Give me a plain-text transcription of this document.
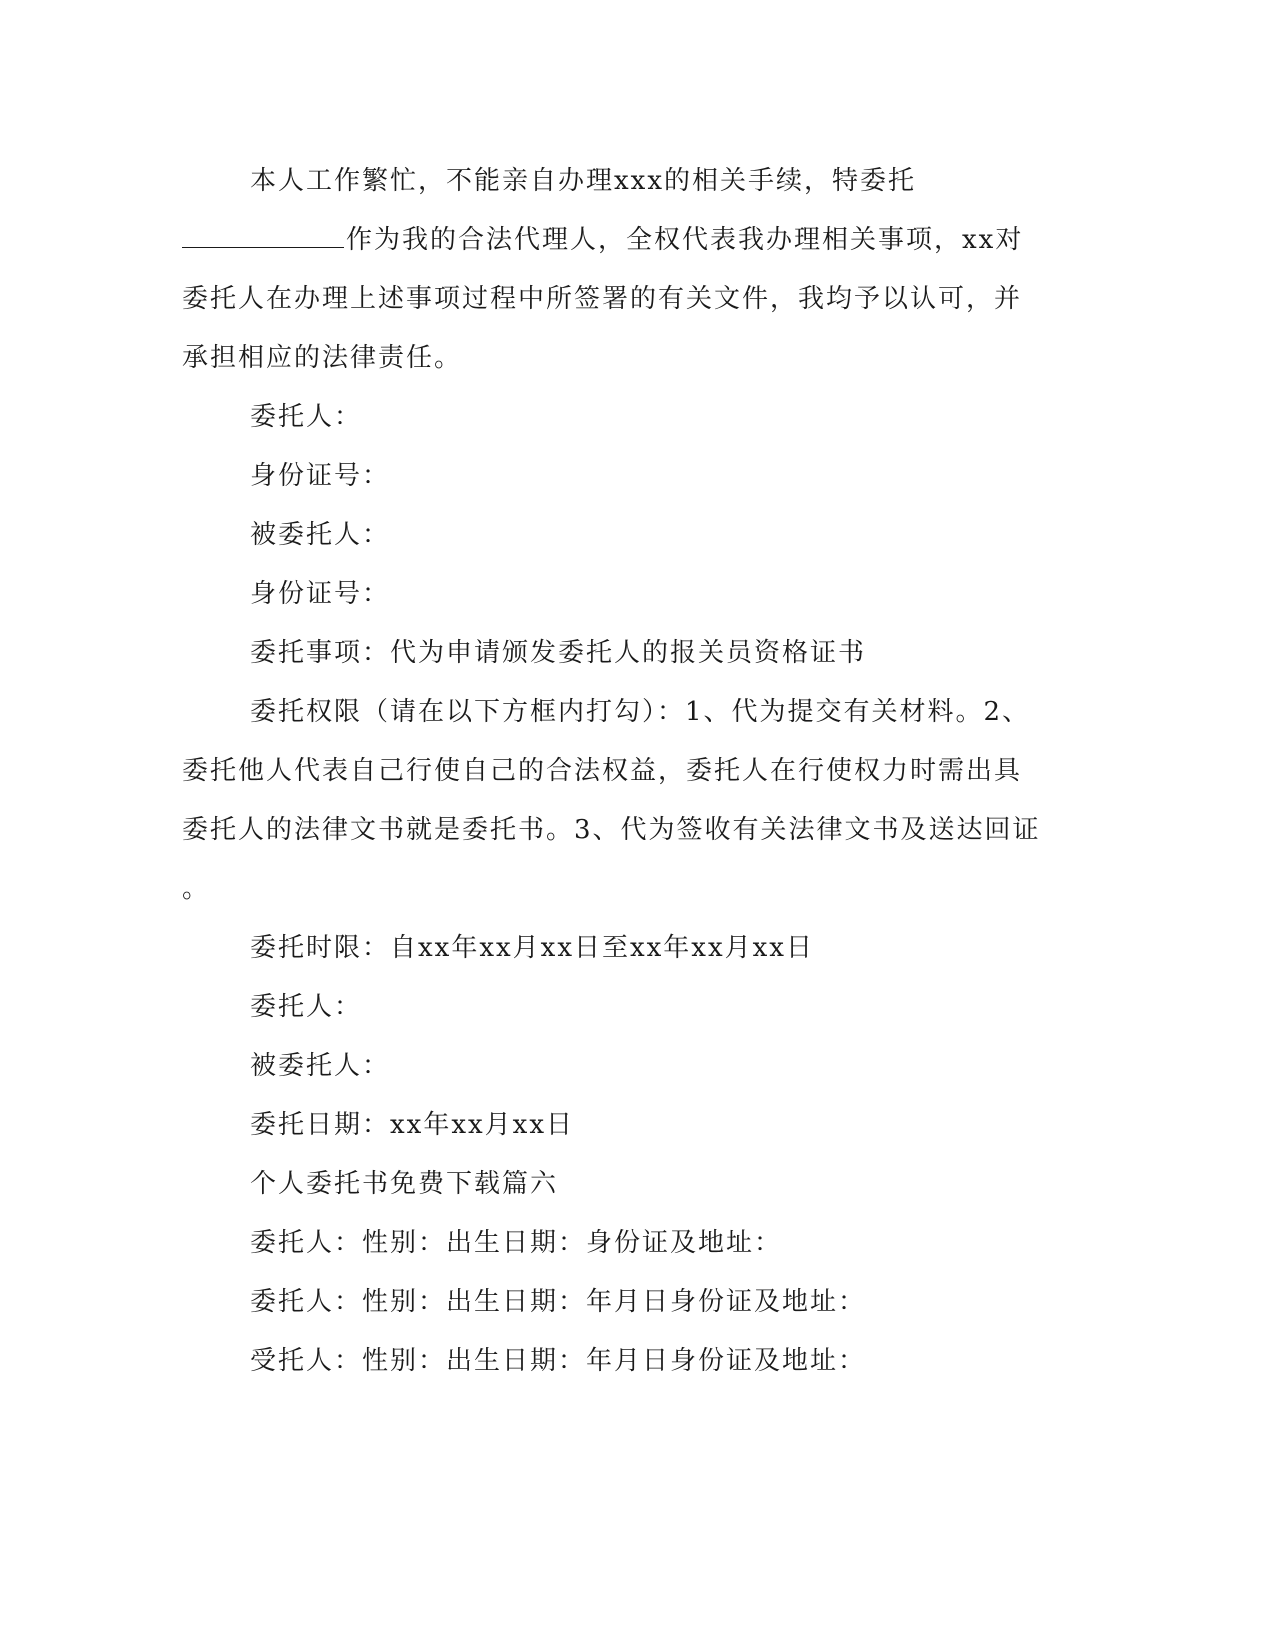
本人工作繁忙，不能亲自办理xxx的相关手续，特委托
作为我的合法代理人，全权代表我办理相关事项，xx对
委托人在办理上述事项过程中所签署的有关文件，我均予以认可，并
承担相应的法律责任。
委托人：
身份证号：
被委托人：
身份证号：
委托事项：代为申请颁发委托人的报关员资格证书
委托权限（请在以下方框内打勾）：1、代为提交有关材料。2、
委托他人代表自己行使自己的合法权益，委托人在行使权力时需出具
委托人的法律文书就是委托书。3、代为签收有关法律文书及送达回证
。
委托时限：自xx年xx月xx日至xx年xx月xx日
委托人：
被委托人：
委托日期：xx年xx月xx日
个人委托书免费下载篇六
委托人：性别：出生日期：身份证及地址：
委托人：性别：出生日期：年月日身份证及地址：
受托人：性别：出生日期：年月日身份证及地址：
